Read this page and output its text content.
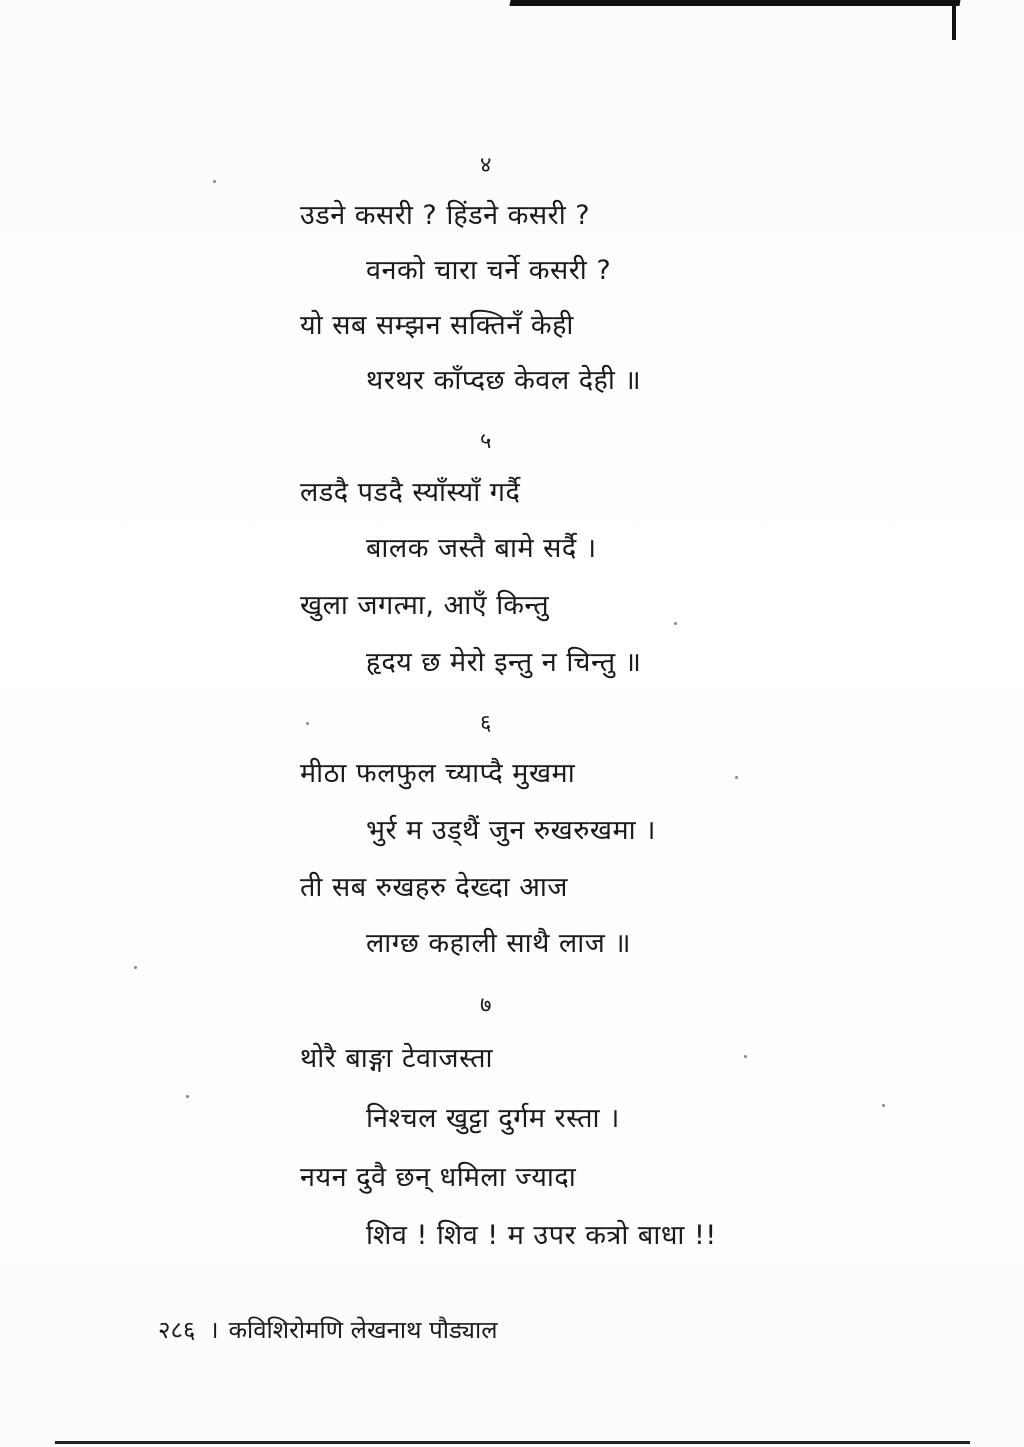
४
उडने कसरी ? हिंडने कसरी ?
वनको चारा चर्ने कसरी ?
यो सब सम्झन सक्तिनँ केही
थरथर काँप्दछ केवल देही ॥
५
लडदै पडदै स्याँस्याँ गर्दै
बालक जस्तै बामे सर्दै ।
खुला जगत्मा, आएँ किन्तु
हृदय छ मेरो इन्तु न चिन्तु ॥
६
मीठा फलफुल च्याप्दै मुखमा
भुर्र म उड्थैं जुन रुखरुखमा ।
ती सब रुखहरु देख्दा आज
लाग्छ कहाली साथै लाज ॥
७
थोरै बाङ्गा टेवाजस्ता
निश्चल खुट्टा दुर्गम रस्ता ।
नयन दुवै छन् धमिला ज्यादा
शिव ! शिव ! म उपर कत्रो बाधा !!
२८६ । कविशिरोमणि लेखनाथ पौड्याल
